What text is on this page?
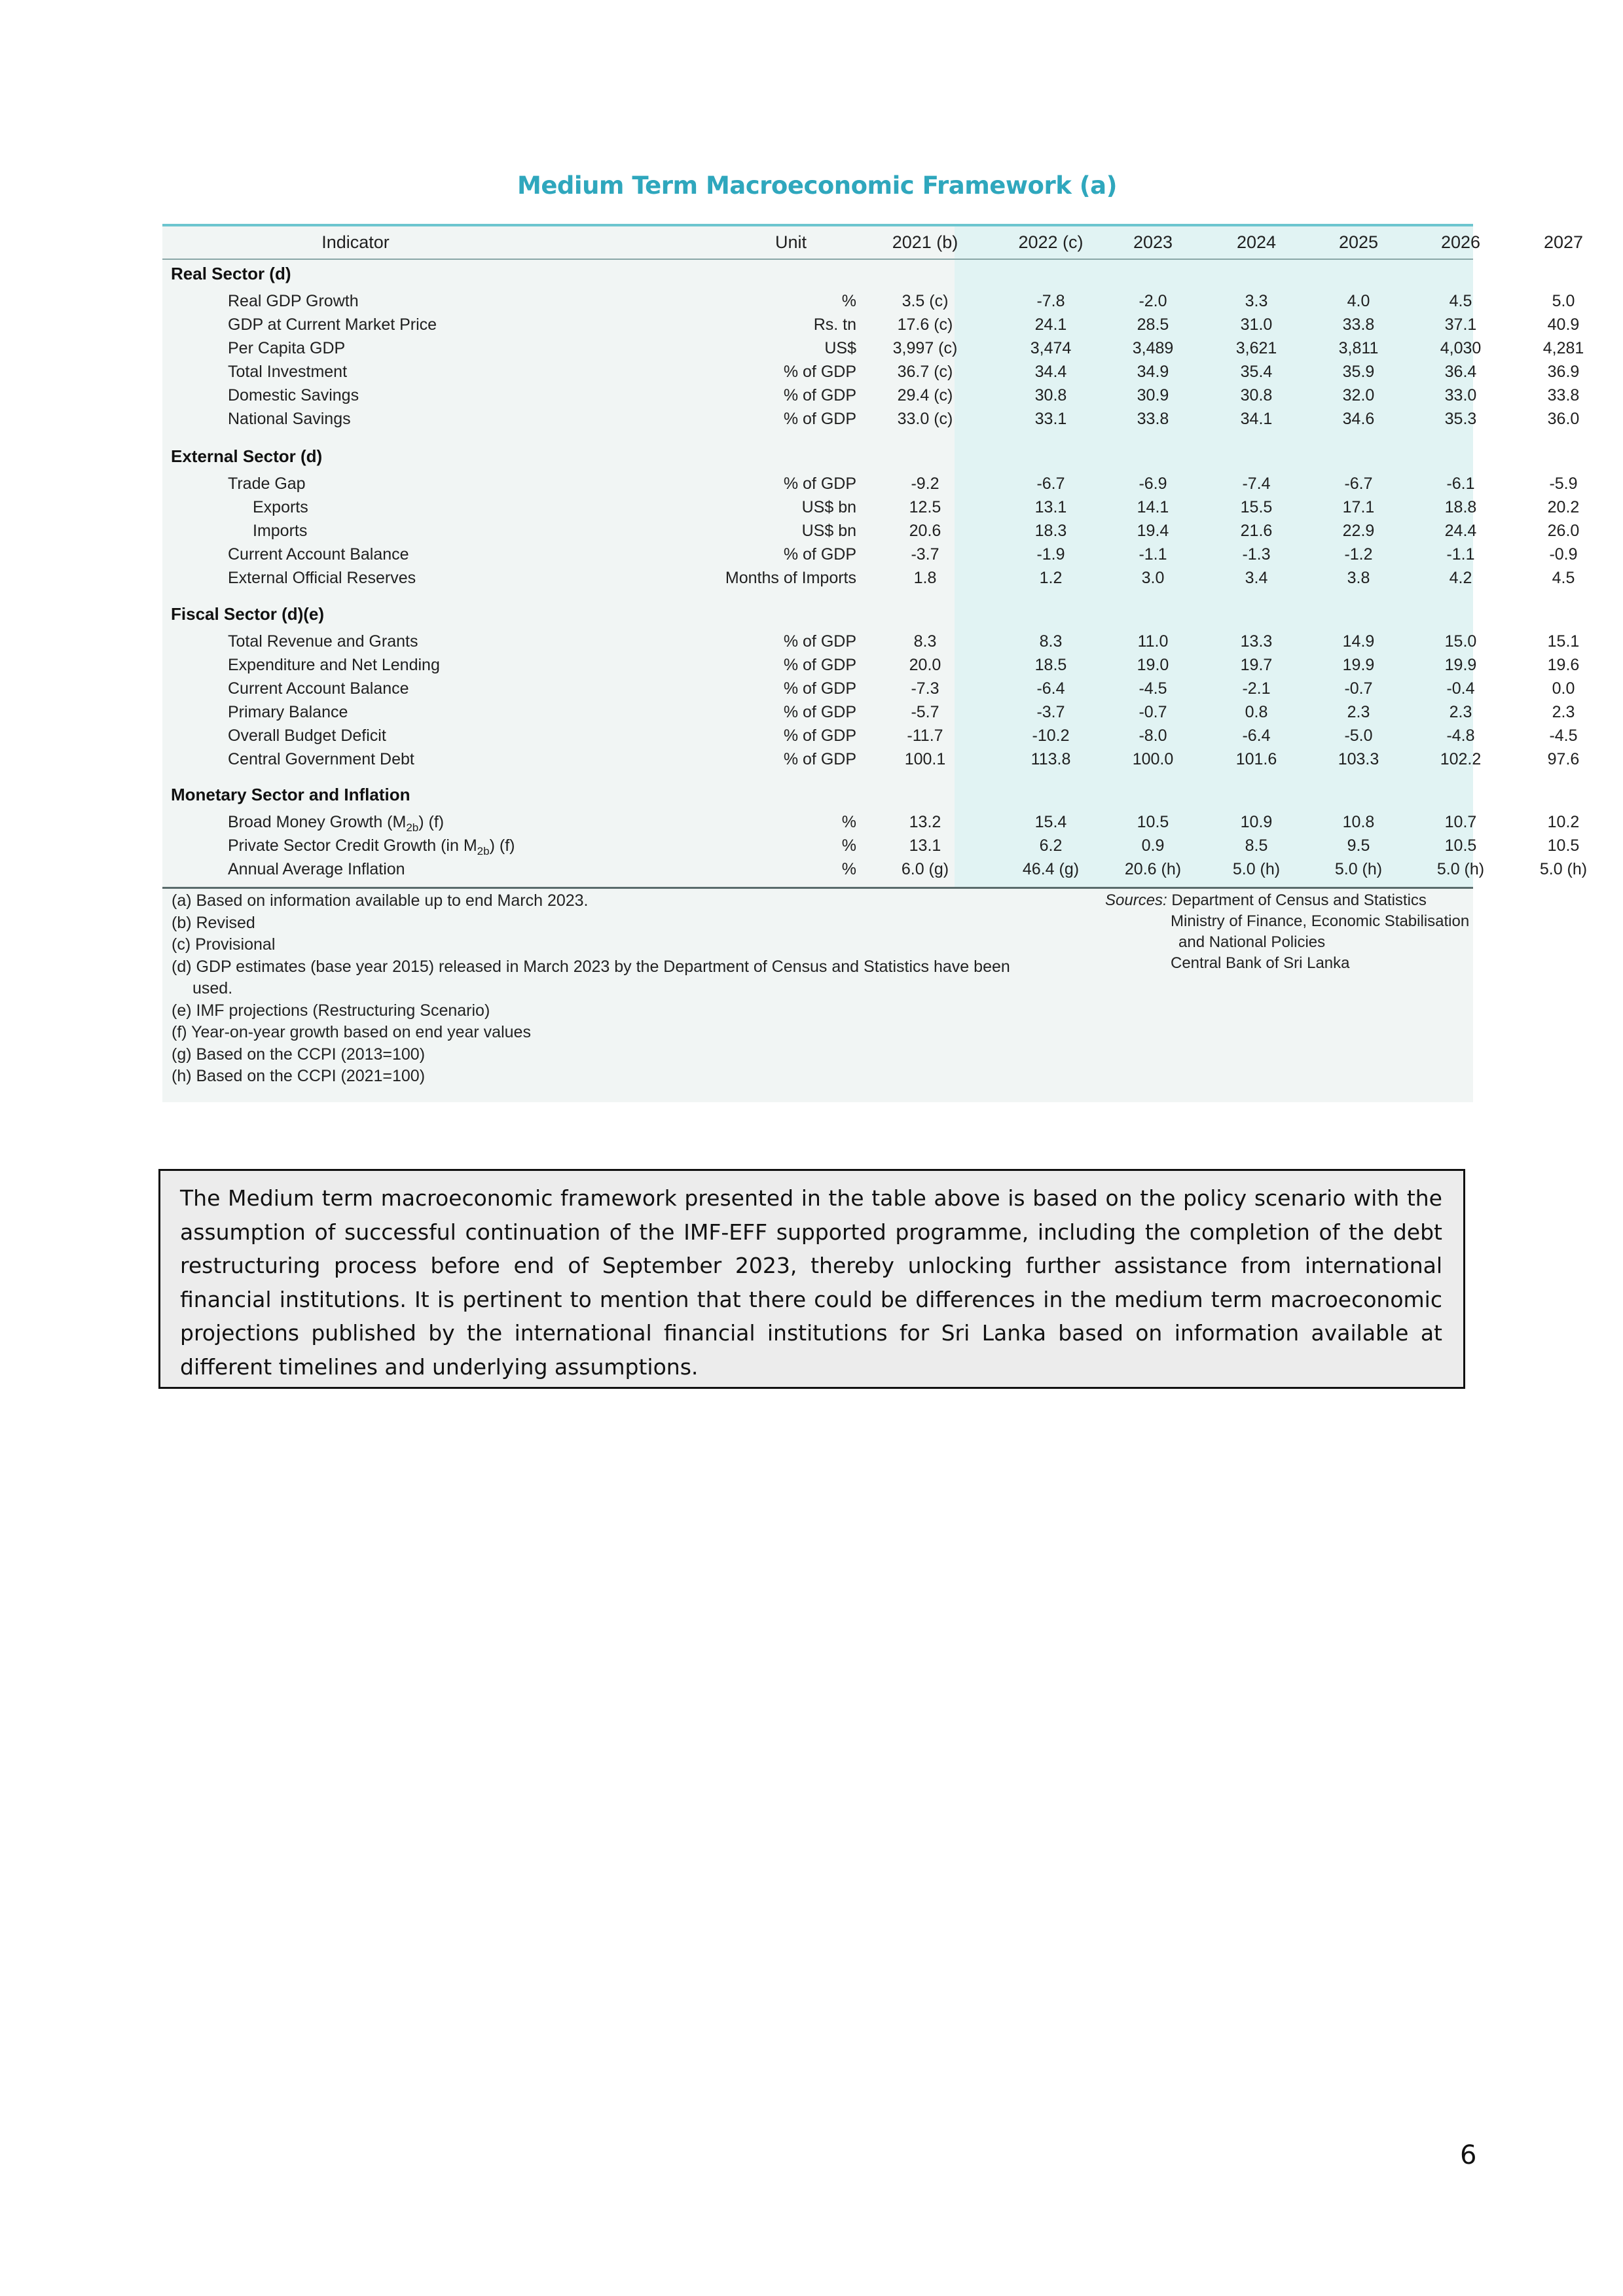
Medium Term Macroeconomic Framework (a)
Indicator	Unit	2021 (b)	2022 (c)	2023	2024	2025	2026	2027
Real Sector (d)
Real GDP Growth	%	3.5 (c)	-7.8	-2.0	3.3	4.0	4.5	5.0
GDP at Current Market Price	Rs. tn	17.6 (c)	24.1	28.5	31.0	33.8	37.1	40.9
Per Capita GDP	US$	3,997 (c)	3,474	3,489	3,621	3,811	4,030	4,281
Total Investment	% of GDP	36.7 (c)	34.4	34.9	35.4	35.9	36.4	36.9
Domestic Savings	% of GDP	29.4 (c)	30.8	30.9	30.8	32.0	33.0	33.8
National Savings	% of GDP	33.0 (c)	33.1	33.8	34.1	34.6	35.3	36.0
External Sector (d)
Trade Gap	% of GDP	-9.2	-6.7	-6.9	-7.4	-6.7	-6.1	-5.9
Exports	US$ bn	12.5	13.1	14.1	15.5	17.1	18.8	20.2
Imports	US$ bn	20.6	18.3	19.4	21.6	22.9	24.4	26.0
Current Account Balance	% of GDP	-3.7	-1.9	-1.1	-1.3	-1.2	-1.1	-0.9
External Official Reserves	Months of Imports	1.8	1.2	3.0	3.4	3.8	4.2	4.5
Fiscal Sector (d)(e)
Total Revenue and Grants	% of GDP	8.3	8.3	11.0	13.3	14.9	15.0	15.1
Expenditure and Net Lending	% of GDP	20.0	18.5	19.0	19.7	19.9	19.9	19.6
Current Account Balance	% of GDP	-7.3	-6.4	-4.5	-2.1	-0.7	-0.4	0.0
Primary Balance	% of GDP	-5.7	-3.7	-0.7	0.8	2.3	2.3	2.3
Overall Budget Deficit	% of GDP	-11.7	-10.2	-8.0	-6.4	-5.0	-4.8	-4.5
Central Government Debt	% of GDP	100.1	113.8	100.0	101.6	103.3	102.2	97.6
Monetary Sector and Inflation
Broad Money Growth $(M_{2b})$ (f)	%	13.2	15.4	10.5	10.9	10.8	10.7	10.2
Private Sector Credit Growth (in $M_{2b}$) (f)	%	13.1	6.2	0.9	8.5	9.5	10.5	10.5
Annual Average Inflation	%	6.0 (g)	46.4 (g)	20.6 (h)	5.0 (h)	5.0 (h)	5.0 (h)	5.0 (h)
(a) Based on information available up to end March 2023.
(b) Revised
(c) Provisional
(d) GDP estimates (base year 2015) released in March 2023 by the Department of Census and Statistics have been
used.
(e) IMF projections (Restructuring Scenario)
(f) Year-on-year growth based on end year values
(g) Based on the CCPI (2013=100)
(h) Based on the CCPI (2021=100)
Sources: Department of Census and Statistics
Ministry of Finance, Economic Stabilisation
and National Policies
Central Bank of Sri Lanka
The Medium term macroeconomic framework presented in the table above is based on the policy scenario with the assumption of successful continuation of the IMF-EFF supported programme, including the completion of the debt restructuring process before end of September 2023, thereby unlocking further assistance from international financial institutions. It is pertinent to mention that there could be differences in the medium term macroeconomic projections published by the international financial institutions for Sri Lanka based on information available at different timelines and underlying assumptions.
6
